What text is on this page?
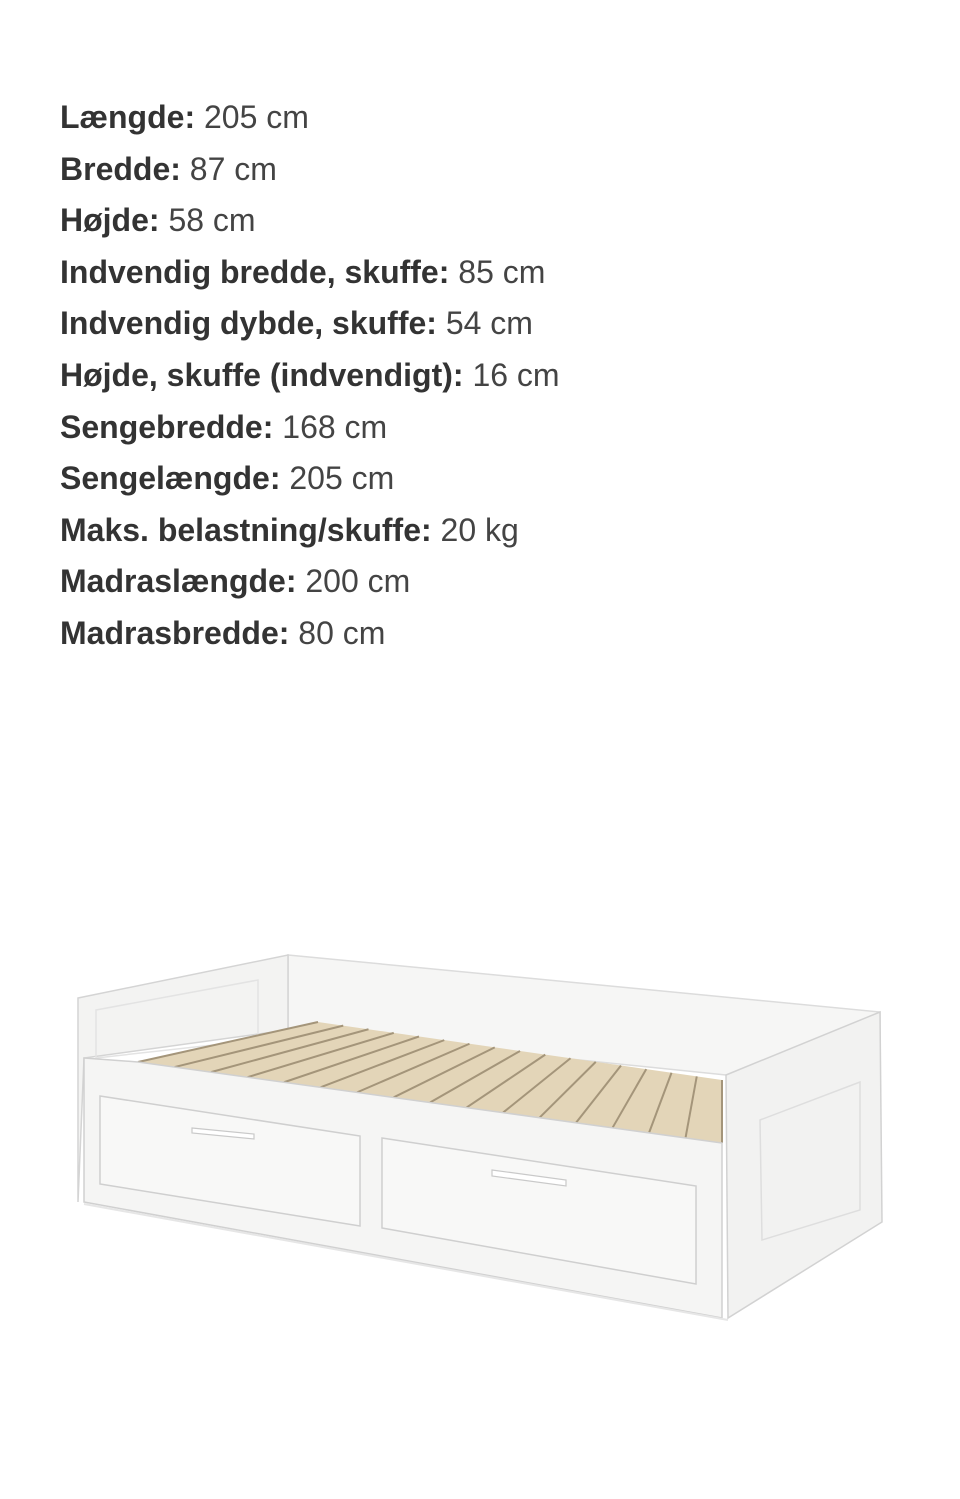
Længde: 205 cm
Bredde: 87 cm
Højde: 58 cm
Indvendig bredde, skuffe: 85 cm
Indvendig dybde, skuffe: 54 cm
Højde, skuffe (indvendigt): 16 cm
Sengebredde: 168 cm
Sengelængde: 205 cm
Maks. belastning/skuffe: 20 kg
Madraslængde: 200 cm
Madrasbredde: 80 cm
